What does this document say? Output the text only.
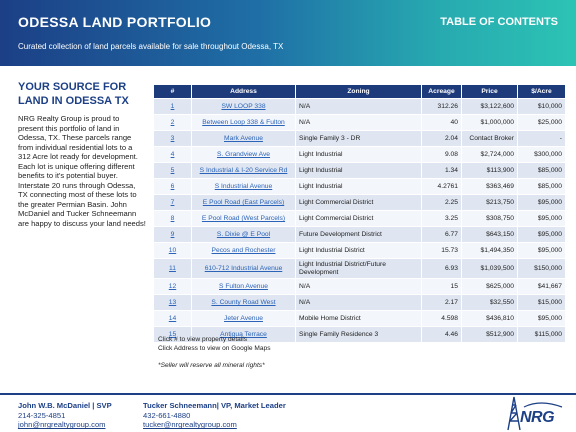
ODESSA LAND PORTFOLIO
Curated collection of land parcels available for sale throughout Odessa, TX
TABLE OF CONTENTS
YOUR SOURCE FOR LAND IN ODESSA TX
NRG Realty Group is proud to present this portfolio of land in Odessa, TX. These parcels range from individual residential lots to a 312 Acre lot ready for development. Each lot is unique offering different benefits to it's potential buyer. Interstate 20 runs through Odessa, TX connecting most of these lots to the greater Permian Basin. John McDaniel and Tucker Schneemann are happy to discuss your land needs!
#	Address	Zoning	Acreage	Price	$/Acre
1	SW LOOP 338	N/A	312.26	$3,122,600	$10,000
2	Between Loop 338 & Fulton	N/A	40	$1,000,000	$25,000
3	Mark Avenue	Single Family 3 - DR	2.04	Contact Broker	-
4	S. Grandview Ave	Light Industrial	9.08	$2,724,000	$300,000
5	S Industrial & I-20 Service Rd	Light Industrial	1.34	$113,900	$85,000
6	S Industrial Avenue	Light Industrial	4.2761	$363,469	$85,000
7	E Pool Road (East Parcels)	Light Commercial District	2.25	$213,750	$95,000
8	E Pool Road (West Parcels)	Light Commercial District	3.25	$308,750	$95,000
9	S. Dixie @ E Pool	Future Development District	6.77	$643,150	$95,000
10	Pecos and Rochester	Light Industrial District	15.73	$1,494,350	$95,000
11	610-712 Industrial Avenue	Light Industrial District/Future Development	6.93	$1,039,500	$150,000
12	S Fulton Avenue	N/A	15	$625,000	$41,667
13	S. County Road West	N/A	2.17	$32,550	$15,000
14	Jeter Avenue	Mobile Home District	4.598	$436,810	$95,000
15	Antigua Terrace	Single Family Residence 3	4.46	$512,900	$115,000
Click # to view property details
Click Address to view on Google Maps
*Seller will reserve all mineral rights*
John W.B. McDaniel | SVP
214-325-4851
john@nrgrealtygroup.com
Tucker Schneemann| VP, Market Leader
432-661-4880
tucker@nrgrealtygroup.com	NRG
